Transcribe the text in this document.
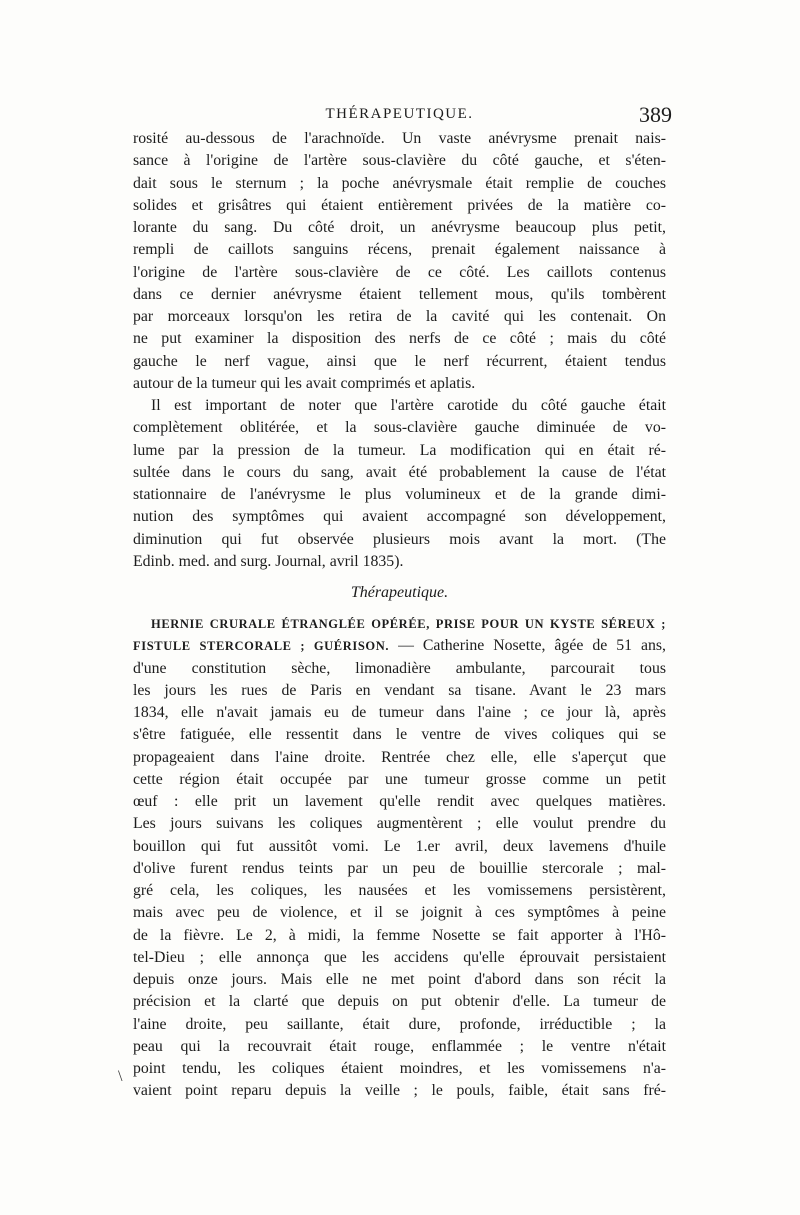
THÉRAPEUTIQUE.	389
rosité au-dessous de l'arachnoïde. Un vaste anévrysme prenait nais-
sance à l'origine de l'artère sous-clavière du côté gauche, et s'éten-
dait sous le sternum ; la poche anévrysmale était remplie de couches
solides et grisâtres qui étaient entièrement privées de la matière co-
lorante du sang. Du côté droit, un anévrysme beaucoup plus petit,
rempli de caillots sanguins récens, prenait également naissance à
l'origine de l'artère sous-clavière de ce côté. Les caillots contenus
dans ce dernier anévrysme étaient tellement mous, qu'ils tombèrent
par morceaux lorsqu'on les retira de la cavité qui les contenait. On
ne put examiner la disposition des nerfs de ce côté ; mais du côté
gauche le nerf vague, ainsi que le nerf récurrent, étaient tendus
autour de la tumeur qui les avait comprimés et aplatis.
Il est important de noter que l'artère carotide du côté gauche était
complètement oblitérée, et la sous-clavière gauche diminuée de vo-
lume par la pression de la tumeur. La modification qui en était ré-
sultée dans le cours du sang, avait été probablement la cause de l'état
stationnaire de l'anévrysme le plus volumineux et de la grande dimi-
nution des symptômes qui avaient accompagné son développement,
diminution qui fut observée plusieurs mois avant la mort. (The
Edinb. med. and surg. Journal, avril 1835).
Thérapeutique.
HERNIE CRURALE ÉTRANGLÉE OPÉRÉE, PRISE POUR UN KYSTE SÉREUX ;
FISTULE STERCORALE ; GUÉRISON. — Catherine Nosette, âgée de 51 ans,
d'une constitution sèche, limonadière ambulante, parcourait tous
les jours les rues de Paris en vendant sa tisane. Avant le 23 mars
1834, elle n'avait jamais eu de tumeur dans l'aine ; ce jour là, après
s'être fatiguée, elle ressentit dans le ventre de vives coliques qui se
propageaient dans l'aine droite. Rentrée chez elle, elle s'aperçut que
cette région était occupée par une tumeur grosse comme un petit
œuf : elle prit un lavement qu'elle rendit avec quelques matières.
Les jours suivans les coliques augmentèrent ; elle voulut prendre du
bouillon qui fut aussitôt vomi. Le 1.er avril, deux lavemens d'huile
d'olive furent rendus teints par un peu de bouillie stercorale ; mal-
gré cela, les coliques, les nausées et les vomissemens persistèrent,
mais avec peu de violence, et il se joignit à ces symptômes à peine
de la fièvre. Le 2, à midi, la femme Nosette se fait apporter à l'Hô-
tel-Dieu ; elle annonça que les accidens qu'elle éprouvait persistaient
depuis onze jours. Mais elle ne met point d'abord dans son récit la
précision et la clarté que depuis on put obtenir d'elle. La tumeur de
l'aine droite, peu saillante, était dure, profonde, irréductible ; la
peau qui la recouvrait était rouge, enflammée ; le ventre n'était
point tendu, les coliques étaient moindres, et les vomissemens n'a-
vaient point reparu depuis la veille ; le pouls, faible, était sans fré-
\
